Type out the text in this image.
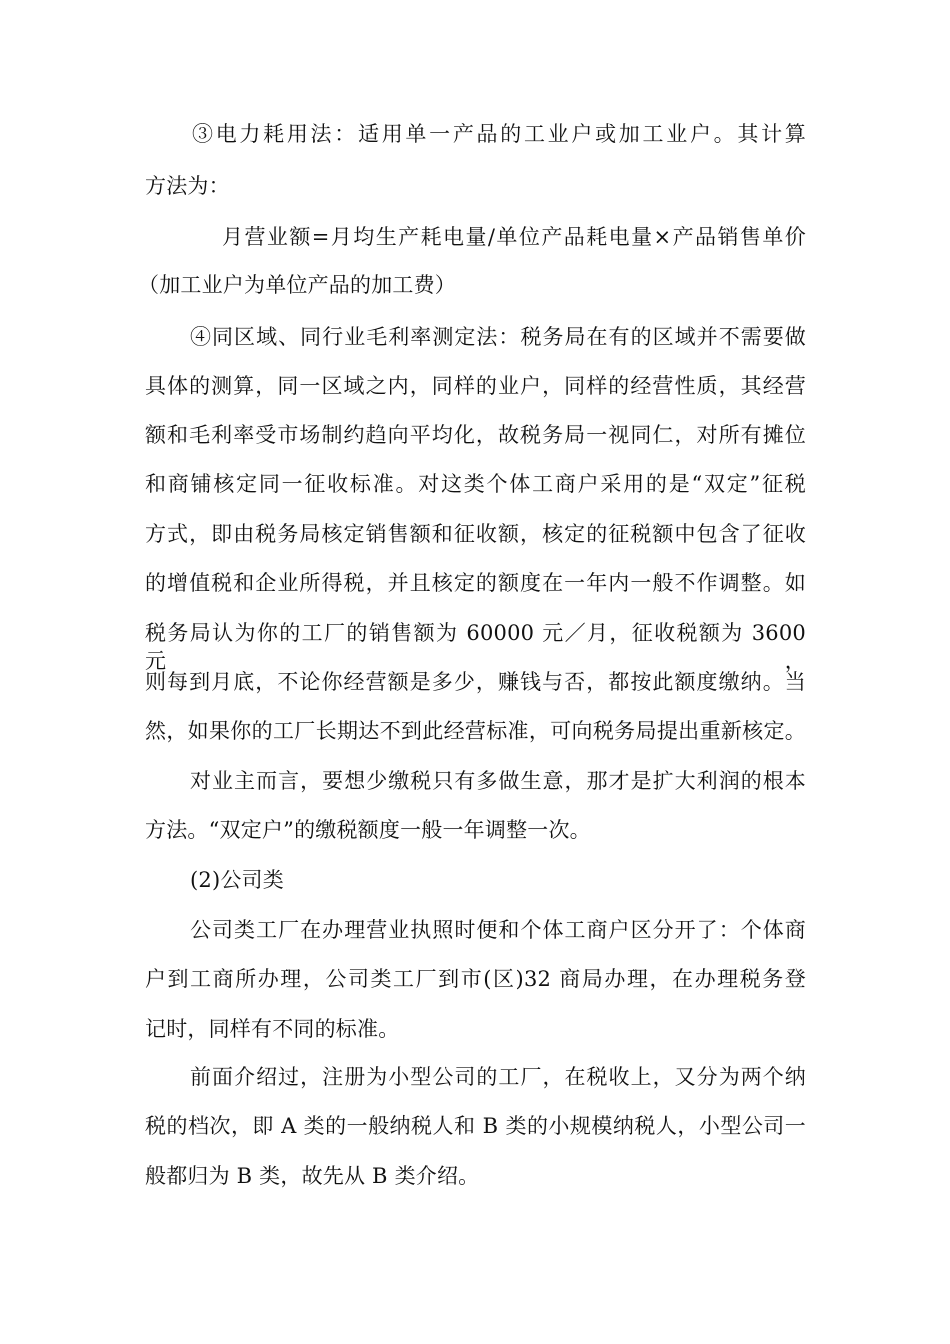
③电力耗用法：适用单一产品的工业户或加工业户。其计算
方法为：
月营业额=月均生产耗电量/单位产品耗电量×产品销售单价
（加工业户为单位产品的加工费）
④同区域、同行业毛利率测定法：税务局在有的区域并不需要做
具体的测算，同一区域之内，同样的业户，同样的经营性质，其经营
额和毛利率受市场制约趋向平均化，故税务局一视同仁，对所有摊位
和商铺核定同一征收标准。对这类个体工商户采用的是“双定”征税
方式，即由税务局核定销售额和征收额，核定的征税额中包含了征收
的增值税和企业所得税，并且核定的额度在一年内一般不作调整。如
税务局认为你的工厂的销售额为 60000 元／月，征收税额为 3600 元，
则每到月底，不论你经营额是多少，赚钱与否，都按此额度缴纳。当
然，如果你的工厂长期达不到此经营标准，可向税务局提出重新核定。
对业主而言，要想少缴税只有多做生意，那才是扩大利润的根本
方法。“双定户”的缴税额度一般一年调整一次。
(2)公司类
公司类工厂在办理营业执照时便和个体工商户区分开了：个体商
户到工商所办理，公司类工厂到市(区)32 商局办理，在办理税务登
记时，同样有不同的标准。
前面介绍过，注册为小型公司的工厂，在税收上，又分为两个纳
税的档次，即 A 类的一般纳税人和 B 类的小规模纳税人，小型公司一
般都归为 B 类，故先从 B 类介绍。
